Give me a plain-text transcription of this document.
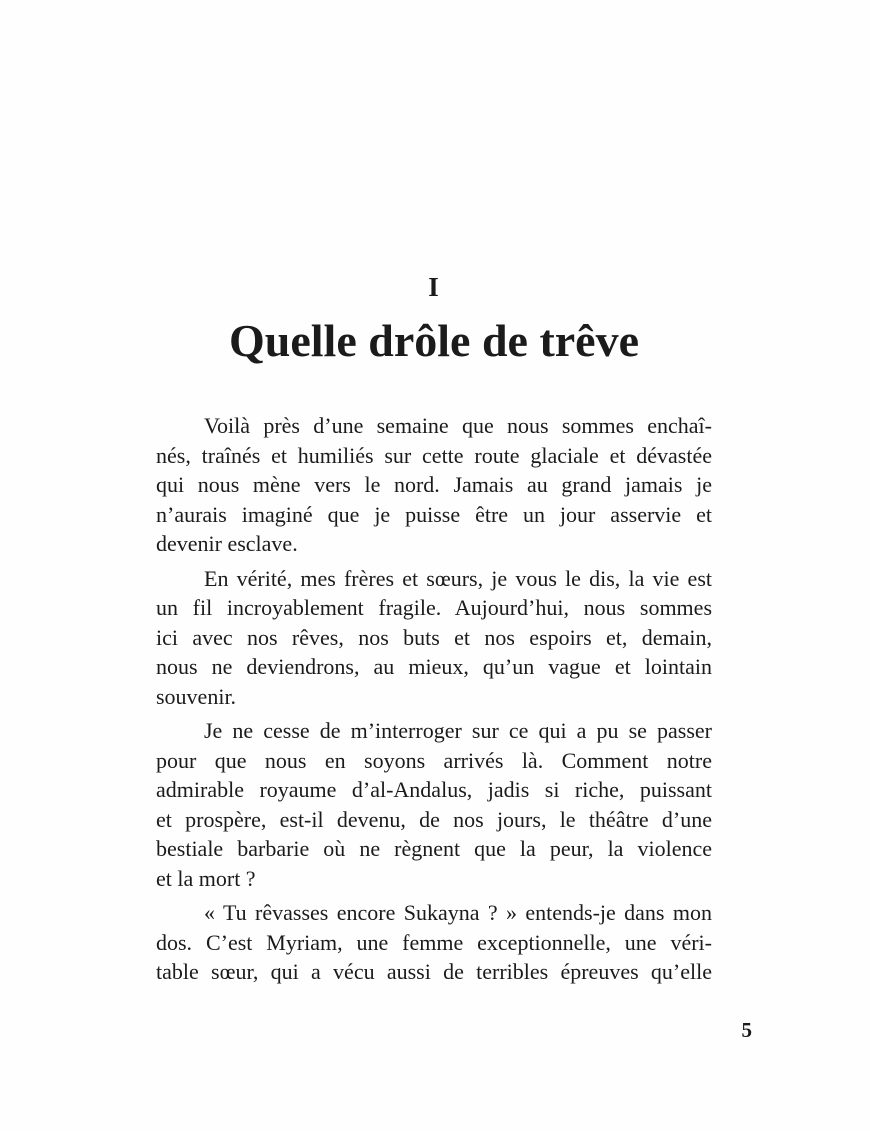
I
Quelle drôle de trêve
Voilà près d’une semaine que nous sommes enchaî-
nés, traînés et humiliés sur cette route glaciale et dévastée
qui nous mène vers le nord. Jamais au grand jamais je
n’aurais imaginé que je puisse être un jour asservie et
devenir esclave.
En vérité, mes frères et sœurs, je vous le dis, la vie est
un fil incroyablement fragile. Aujourd’hui, nous sommes
ici avec nos rêves, nos buts et nos espoirs et, demain,
nous ne deviendrons, au mieux, qu’un vague et lointain
souvenir.
Je ne cesse de m’interroger sur ce qui a pu se passer
pour que nous en soyons arrivés là. Comment notre
admirable royaume d’al-Andalus, jadis si riche, puissant
et prospère, est-il devenu, de nos jours, le théâtre d’une
bestiale barbarie où ne règnent que la peur, la violence
et la mort ?
« Tu rêvasses encore Sukayna ? » entends-je dans mon
dos. C’est Myriam, une femme exceptionnelle, une véri-
table sœur, qui a vécu aussi de terribles épreuves qu’elle
5
